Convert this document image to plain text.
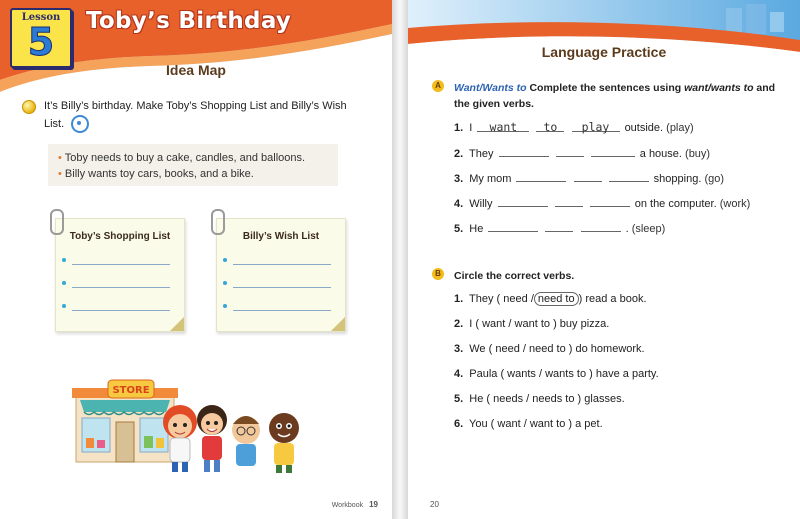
Lesson
5	Tobyʼs Birthday
Idea Map
It’s Billy’s birthday. Make Toby’s Shopping List and Billy’s Wish
List.
• Toby needs to buy a cake, candles, and balloons.
• Billy wants toy cars, books, and a bike.
Toby’s Shopping List	Billy’s Wish List
STORE
Workbook 19
Language Practice
A Want/Wants to Complete the sentences using want/wants to and
the given verbs.
1. I want to play outside. (play)
2. They	a house. (buy)
3. My mom	shopping. (go)
4. Willy	on the computer. (work)
5. He	. (sleep)
B Circle the correct verbs.
1. They ( need / need to ) read a book.
2. I ( want / want to ) buy pizza.
3. We ( need / need to ) do homework.
4. Paula ( wants / wants to ) have a party.
5. He ( needs / needs to ) glasses.
6. You ( want / want to ) a pet.
20
